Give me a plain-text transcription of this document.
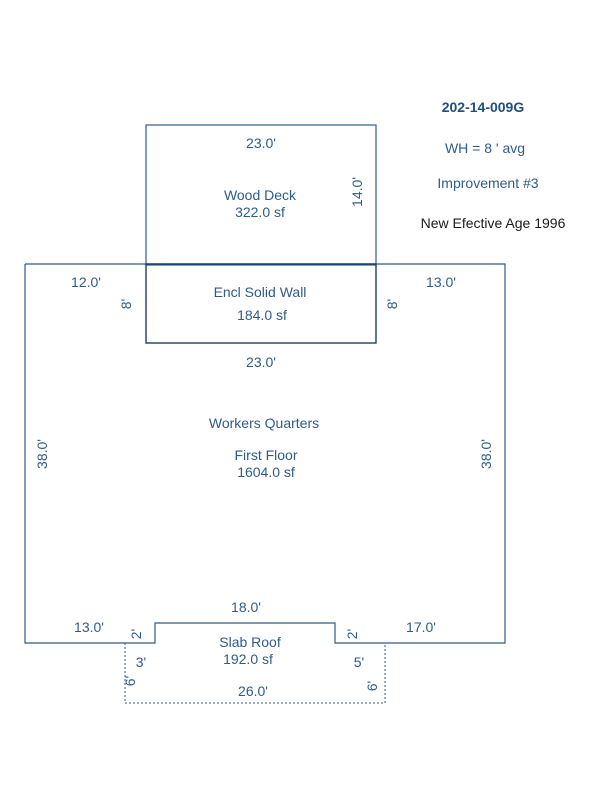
202-14-009G
WH = 8 ' avg
Improvement #3
New Efective Age 1996
23.0'
14.0'
Wood Deck
322.0 sf
12.0'	13.0'
Encl Solid Wall
184.0 sf
8'	8'
23.0'
Workers Quarters
First Floor
1604.0 sf
38.0'	38.0'
18.0'
13.0'	17.0'
2'	2'
Slab Roof
192.0 sf
3'	5'
6'	6'
26.0'
